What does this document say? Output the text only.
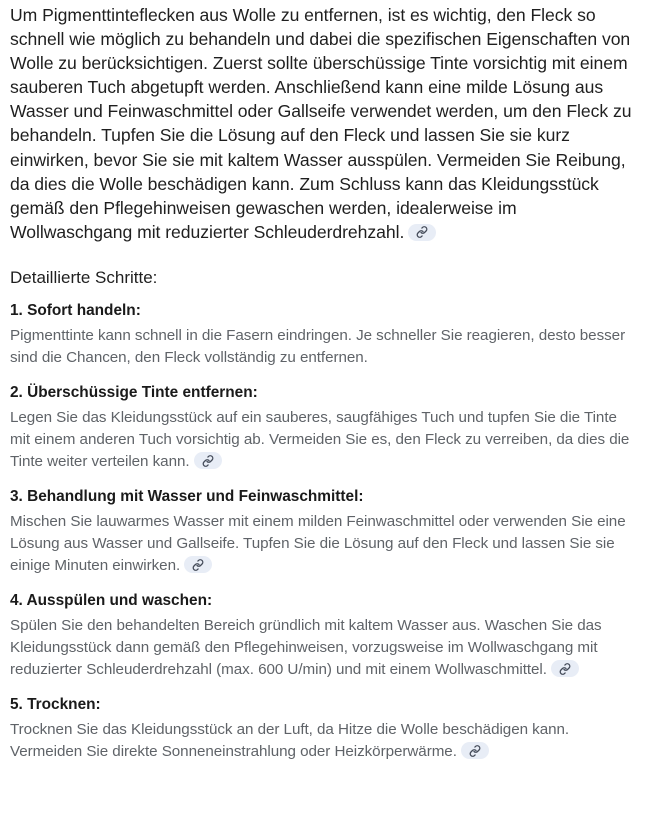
Um Pigmenttinteflecken aus Wolle zu entfernen, ist es wichtig, den Fleck so schnell wie möglich zu behandeln und dabei die spezifischen Eigenschaften von Wolle zu berücksichtigen. Zuerst sollte überschüssige Tinte vorsichtig mit einem sauberen Tuch abgetupft werden. Anschließend kann eine milde Lösung aus Wasser und Feinwaschmittel oder Gallseife verwendet werden, um den Fleck zu behandeln. Tupfen Sie die Lösung auf den Fleck und lassen Sie sie kurz einwirken, bevor Sie sie mit kaltem Wasser ausspülen. Vermeiden Sie Reibung, da dies die Wolle beschädigen kann. Zum Schluss kann das Kleidungsstück gemäß den Pflegehinweisen gewaschen werden, idealerweise im Wollwaschgang mit reduzierter Schleuderdrehzahl.

Detaillierte Schritte:
1. Sofort handeln:

Pigmenttinte kann schnell in die Fasern eindringen. Je schneller Sie reagieren, desto besser sind die Chancen, den Fleck vollständig zu entfernen.

2. Überschüssige Tinte entfernen:

Legen Sie das Kleidungsstück auf ein sauberes, saugfähiges Tuch und tupfen Sie die Tinte mit einem anderen Tuch vorsichtig ab. Vermeiden Sie es, den Fleck zu verreiben, da dies die Tinte weiter verteilen kann.

3. Behandlung mit Wasser und Feinwaschmittel:

Mischen Sie lauwarmes Wasser mit einem milden Feinwaschmittel oder verwenden Sie eine Lösung aus Wasser und Gallseife. Tupfen Sie die Lösung auf den Fleck und lassen Sie sie einige Minuten einwirken.

4. Ausspülen und waschen:

Spülen Sie den behandelten Bereich gründlich mit kaltem Wasser aus. Waschen Sie das Kleidungsstück dann gemäß den Pflegehinweisen, vorzugsweise im Wollwaschgang mit reduzierter Schleuderdrehzahl (max. 600 U/min) und mit einem Wollwaschmittel.

5. Trocknen:

Trocknen Sie das Kleidungsstück an der Luft, da Hitze die Wolle beschädigen kann. Vermeiden Sie direkte Sonneneinstrahlung oder Heizkörperwärme.
